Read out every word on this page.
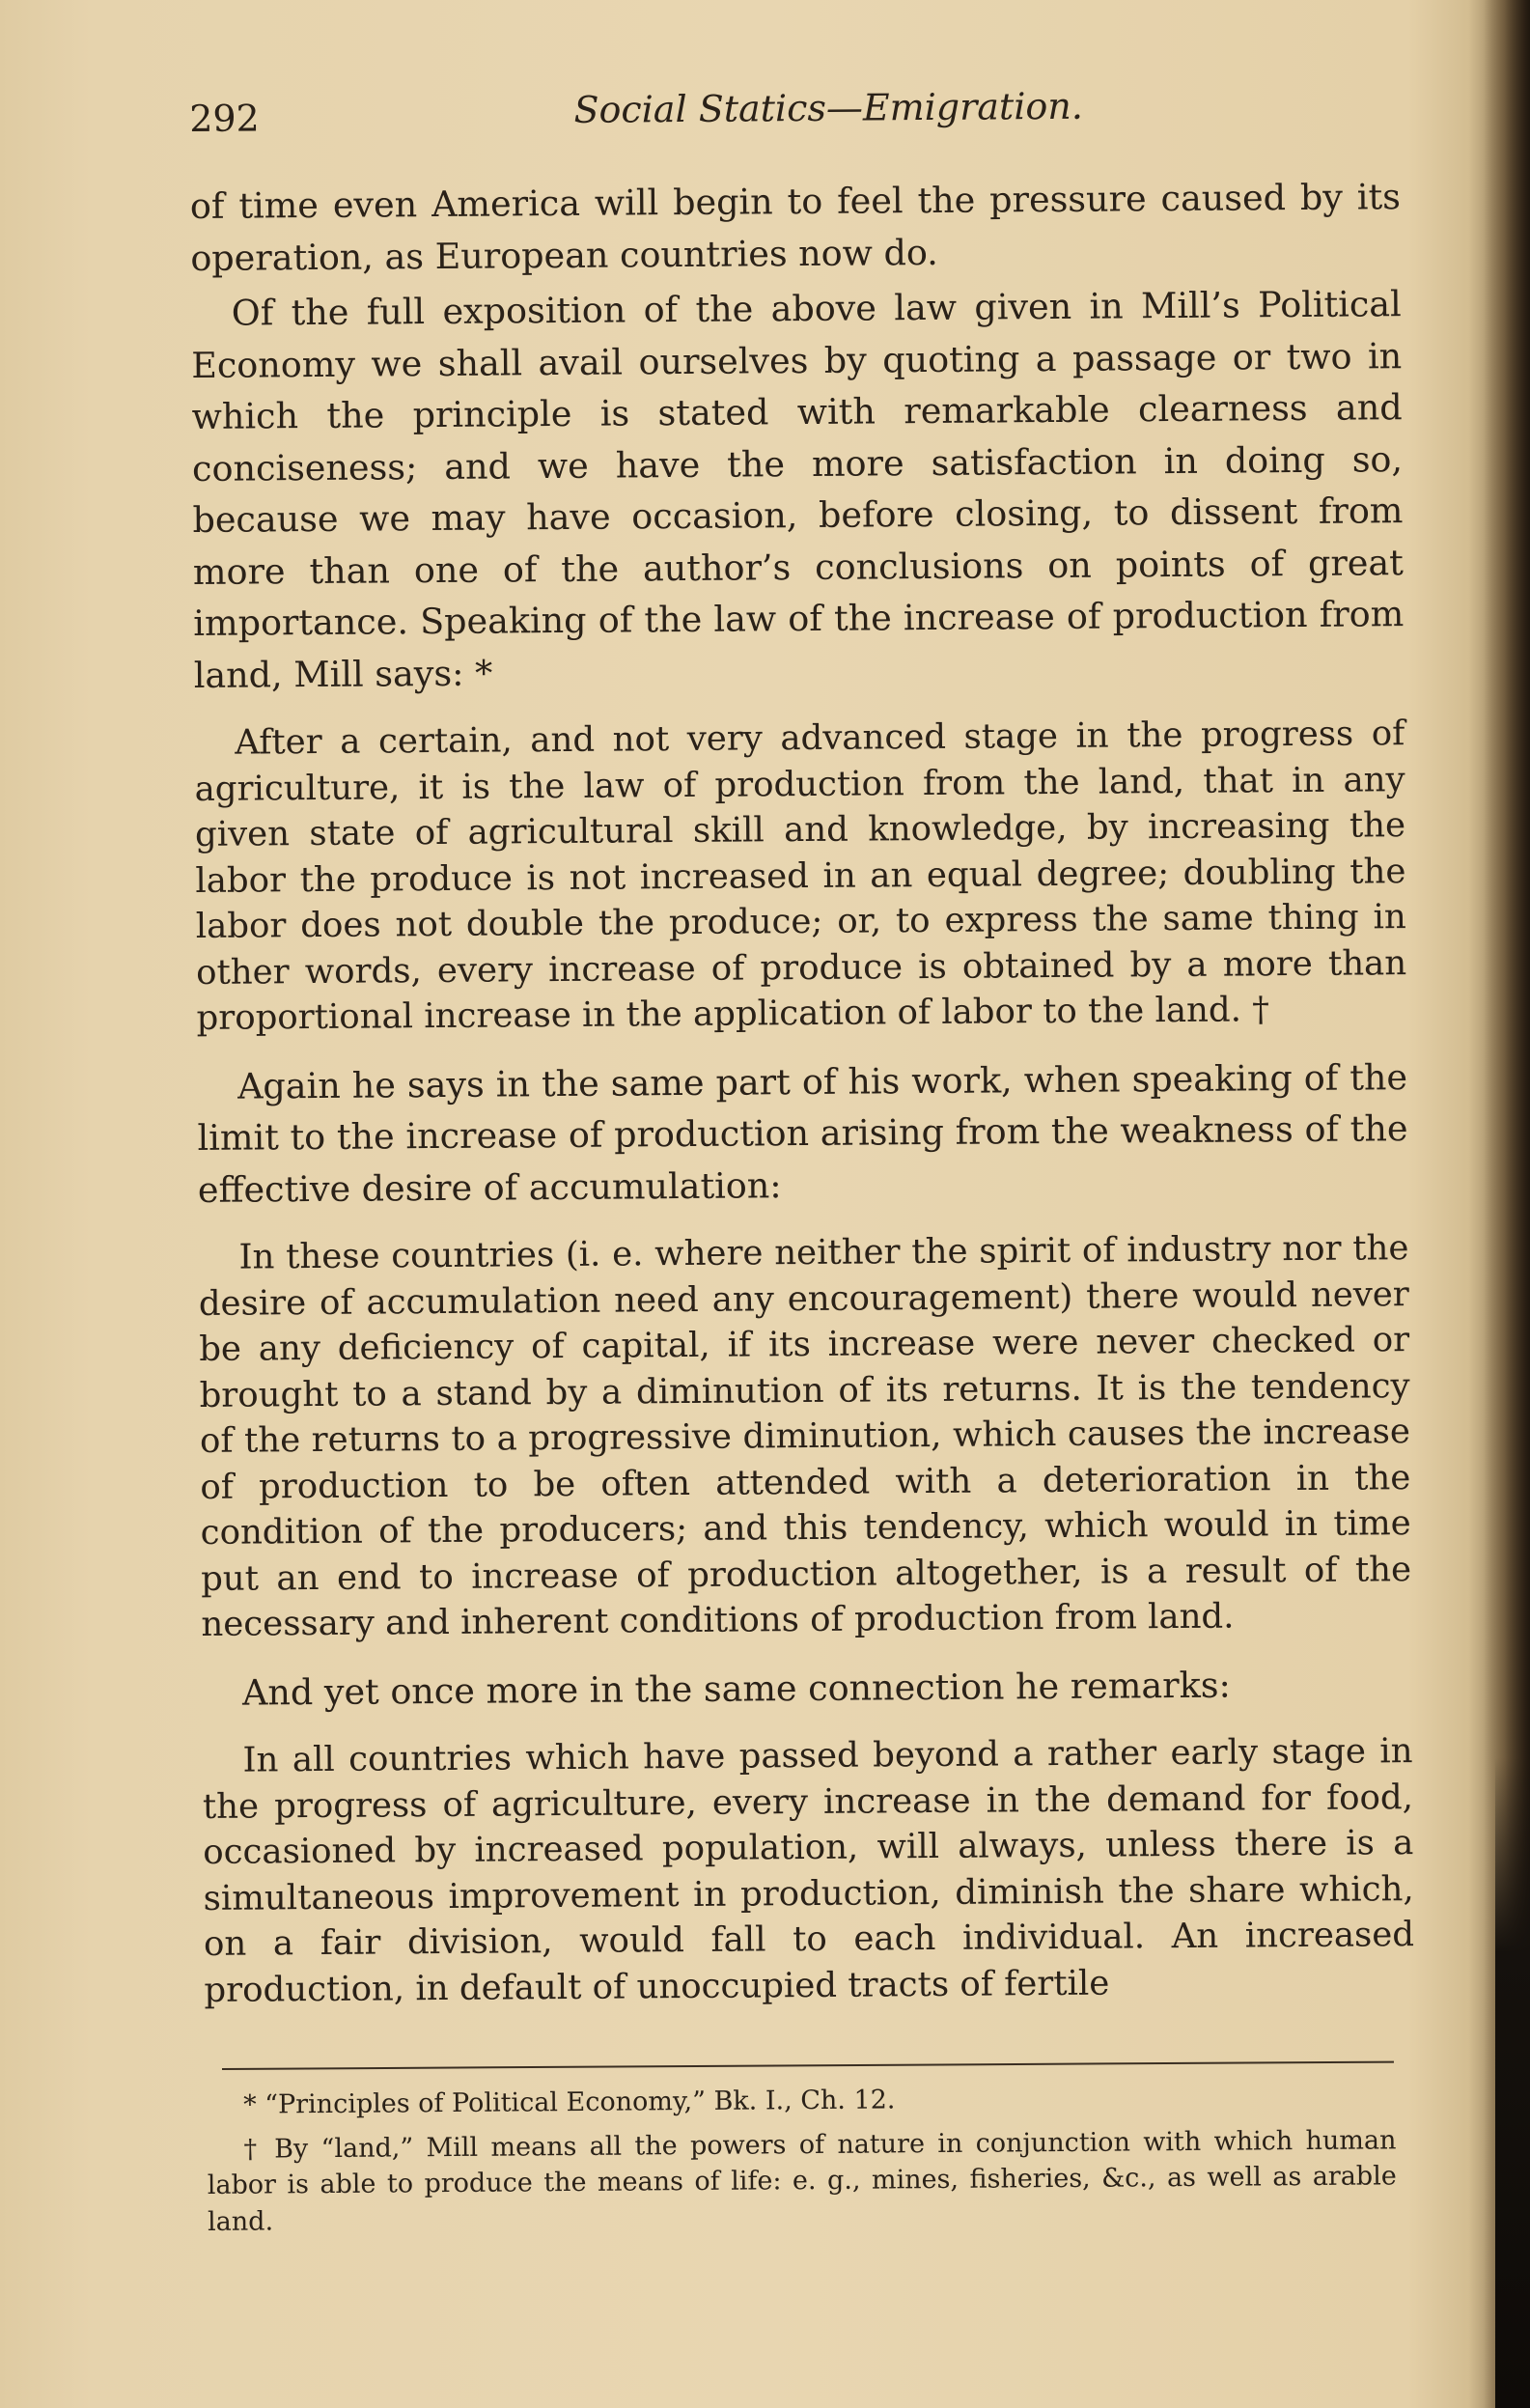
292	Social Statics—Emigration.

of time even America will begin to feel the pressure caused by its operation, as European countries now do.

Of the full exposition of the above law given in Mill’s Political Economy we shall avail ourselves by quoting a passage or two in which the principle is stated with remarkable clearness and conciseness; and we have the more satisfaction in doing so, because we may have occasion, before closing, to dissent from more than one of the author’s conclusions on points of great importance. Speaking of the law of the increase of production from land, Mill says: *

After a certain, and not very advanced stage in the progress of agriculture, it is the law of production from the land, that in any given state of agricultural skill and knowledge, by increasing the labor the produce is not increased in an equal degree; doubling the labor does not double the produce; or, to express the same thing in other words, every increase of produce is obtained by a more than proportional increase in the application of labor to the land. †

Again he says in the same part of his work, when speaking of the limit to the increase of production arising from the weakness of the effective desire of accumulation:

In these countries (i. e. where neither the spirit of industry nor the desire of accumulation need any encouragement) there would never be any deficiency of capital, if its increase were never checked or brought to a stand by a diminution of its returns. It is the tendency of the returns to a progressive diminution, which causes the increase of production to be often attended with a deterioration in the condition of the producers; and this tendency, which would in time put an end to increase of production altogether, is a result of the necessary and inherent conditions of production from land.

And yet once more in the same connection he remarks:

In all countries which have passed beyond a rather early stage in the progress of agriculture, every increase in the demand for food, occasioned by increased population, will always, unless there is a simultaneous improvement in production, diminish the share which, on a fair division, would fall to each individual. An increased production, in default of unoccupied tracts of fertile

* “Principles of Political Economy,” Bk. I., Ch. 12.

† By “land,” Mill means all the powers of nature in conjunction with which human labor is able to produce the means of life: e. g., mines, fisheries, &c., as well as arable land.
